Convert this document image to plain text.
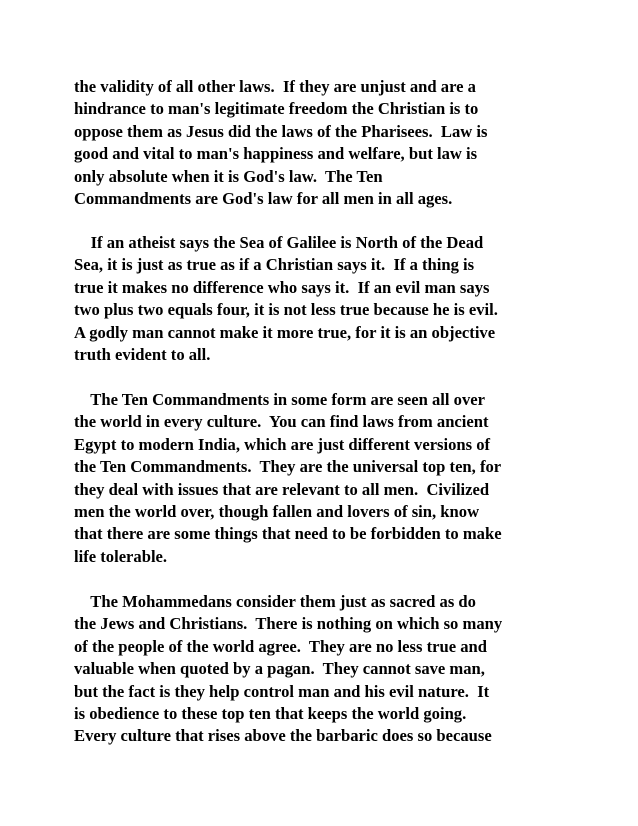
the validity of all other laws.  If they are unjust and are a
hindrance to man's legitimate freedom the Christian is to
oppose them as Jesus did the laws of the Pharisees.  Law is
good and vital to man's happiness and welfare, but law is
only absolute when it is God's law.  The Ten
Commandments are God's law for all men in all ages.
If an atheist says the Sea of Galilee is North of the Dead
Sea, it is just as true as if a Christian says it.  If a thing is
true it makes no difference who says it.  If an evil man says
two plus two equals four, it is not less true because he is evil.
A godly man cannot make it more true, for it is an objective
truth evident to all.
The Ten Commandments in some form are seen all over
the world in every culture.  You can find laws from ancient
Egypt to modern India, which are just different versions of
the Ten Commandments.  They are the universal top ten, for
they deal with issues that are relevant to all men.  Civilized
men the world over, though fallen and lovers of sin, know
that there are some things that need to be forbidden to make
life tolerable.
The Mohammedans consider them just as sacred as do
the Jews and Christians.  There is nothing on which so many
of the people of the world agree.  They are no less true and
valuable when quoted by a pagan.  They cannot save man,
but the fact is they help control man and his evil nature.  It
is obedience to these top ten that keeps the world going.
Every culture that rises above the barbaric does so because
